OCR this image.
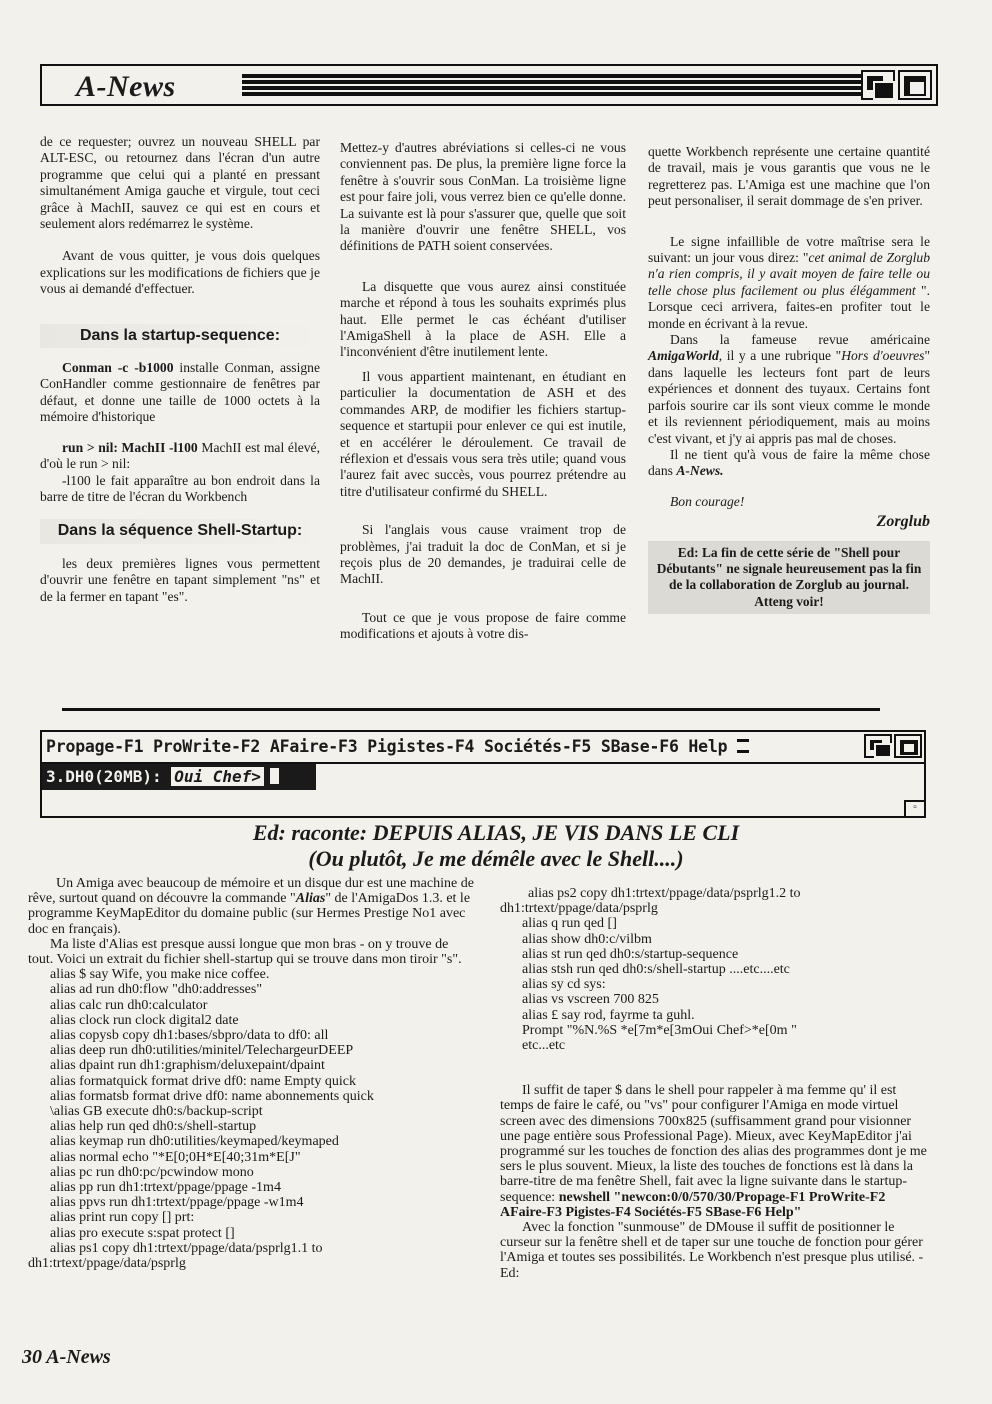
A-News

de ce requester; ouvrez un nouveau SHELL par ALT-ESC, ou retournez dans l'écran d'un autre programme que celui qui a planté en pressant simultanément Amiga gauche et virgule, tout ceci grâce à MachII, sauvez ce qui est en cours et seulement alors redémarrez le système.

Avant de vous quitter, je vous dois quelques explications sur les modifications de fichiers que je vous ai demandé d'effectuer.

Dans la startup-sequence:

Conman -c -b1000 installe Conman, assigne ConHandler comme gestionnaire de fenêtres par défaut, et donne une taille de 1000 octets à la mémoire d'historique

run > nil: MachII -l100 MachII est mal élevé, d'où le run > nil:

-l100 le fait apparaître au bon endroit dans la barre de titre de l'écran du Workbench

Dans la séquence Shell-Startup:

les deux premières lignes vous permettent d'ouvrir une fenêtre en tapant simplement "ns" et de la fermer en tapant "es".

Mettez-y d'autres abréviations si celles-ci ne vous conviennent pas. De plus, la première ligne force la fenêtre à s'ouvrir sous ConMan. La troisième ligne est pour faire joli, vous verrez bien ce qu'elle donne. La suivante est là pour s'assurer que, quelle que soit la manière d'ouvrir une fenêtre SHELL, vos définitions de PATH soient conservées.

La disquette que vous aurez ainsi constituée marche et répond à tous les souhaits exprimés plus haut. Elle permet le cas échéant d'utiliser l'AmigaShell à la place de ASH. Elle a l'inconvénient d'être inutilement lente.

Il vous appartient maintenant, en étudiant en particulier la documentation de ASH et des commandes ARP, de modifier les fichiers startup-sequence et startupii pour enlever ce qui est inutile, et en accélérer le déroulement. Ce travail de réflexion et d'essais vous sera très utile; quand vous l'aurez fait avec succès, vous pourrez prétendre au titre d'utilisateur confirmé du SHELL.

Si l'anglais vous cause vraiment trop de problèmes, j'ai traduit la doc de ConMan, et si je reçois plus de 20 demandes, je traduirai celle de MachII.

Tout ce que je vous propose de faire comme modifications et ajouts à votre dis-

quette Workbench représente une certaine quantité de travail, mais je vous garantis que vous ne le regretterez pas. L'Amiga est une machine que l'on peut personaliser, il serait dommage de s'en priver.

Le signe infaillible de votre maîtrise sera le suivant: un jour vous direz: "cet animal de Zorglub n'a rien compris, il y avait moyen de faire telle ou telle chose plus facilement ou plus élégamment ". Lorsque ceci arrivera, faites-en profiter tout le monde en écrivant à la revue.

Dans la fameuse revue américaine AmigaWorld, il y a une rubrique "Hors d'oeuvres" dans laquelle les lecteurs font part de leurs expériences et donnent des tuyaux. Certains font parfois sourire car ils sont vieux comme le monde et ils reviennent périodiquement, mais au moins c'est vivant, et j'y ai appris pas mal de choses.

Il ne tient qu'à vous de faire la même chose dans A-News.

Bon courage!

Zorglub
Ed: La fin de cette série de "Shell pour Débutants" ne signale heureusement pas la fin de la collaboration de Zorglub au journal. Atteng voir!
Propage-F1 ProWrite-F2 AFaire-F3 Pigistes-F4 Sociétés-F5 SBase-F6 Help
3.DH0(20MB): Oui Chef>
▫
Ed: raconte: DEPUIS ALIAS, JE VIS DANS LE CLI
(Ou plutôt, Je me démêle avec le Shell....)

Un Amiga avec beaucoup de mémoire et un disque dur est une machine de rêve, surtout quand on découvre la commande "Alias" de l'AmigaDos 1.3. et le programme KeyMapEditor du domaine public (sur Hermes Prestige No1 avec doc en français).

Ma liste d'Alias est presque aussi longue que mon bras - on y trouve de tout. Voici un extrait du fichier shell-startup qui se trouve dans mon tiroir "s".

alias $ say Wife, you make nice coffee.
alias ad run dh0:flow "dh0:addresses"
alias calc run dh0:calculator
alias clock run clock digital2 date
alias copysb copy dh1:bases/sbpro/data to df0: all
alias deep run dh0:utilities/minitel/TelechargeurDEEP
alias dpaint run dh1:graphism/deluxepaint/dpaint
alias formatquick format drive df0: name Empty quick
alias formatsb format drive df0: name abonnements quick
\alias GB execute dh0:s/backup-script
alias help run qed dh0:s/shell-startup
alias keymap run dh0:utilities/keymaped/keymaped
alias normal echo "*E[0;0H*E[40;31m*E[J"
alias pc run dh0:pc/pcwindow mono
alias pp run dh1:trtext/ppage/ppage -1m4
alias ppvs run dh1:trtext/ppage/ppage -w1m4
alias print run copy [] prt:
alias pro execute s:spat protect []
alias ps1 copy dh1:trtext/ppage/data/psprlg1.1 to
dh1:trtext/ppage/data/psprlg
alias ps2 copy dh1:trtext/ppage/data/psprlg1.2 to
dh1:trtext/ppage/data/psprlg
alias q run qed []
alias show dh0:c/vilbm
alias st run qed dh0:s/startup-sequence
alias stsh run qed dh0:s/shell-startup ....etc....etc
alias sy cd sys:
alias vs vscreen 700 825
alias £ say rod, fayrme ta guhl.
Prompt "%N.%S *e[7m*e[3mOui Chef>*e[0m "
etc...etc

Il suffit de taper $ dans le shell pour rappeler à ma femme qu' il est temps de faire le café, ou "vs" pour configurer l'Amiga en mode virtuel screen avec des dimensions 700x825 (suffisamment grand pour visionner une page entière sous Professional Page). Mieux, avec KeyMapEditor j'ai programmé sur les touches de fonction des alias des programmes dont je me sers le plus souvent. Mieux, la liste des touches de fonctions est là dans la barre-titre de ma fenêtre Shell, fait avec la ligne suivante dans le startup-sequence: newshell "newcon:0/0/570/30/Propage-F1 ProWrite-F2 AFaire-F3 Pigistes-F4 Sociétés-F5 SBase-F6 Help"

Avec la fonction "sunmouse" de DMouse il suffit de positionner le curseur sur la fenêtre shell et de taper sur une touche de fonction pour gérer l'Amiga et toutes ses possibilités. Le Workbench n'est presque plus utilisé. - Ed:

30 A-News
